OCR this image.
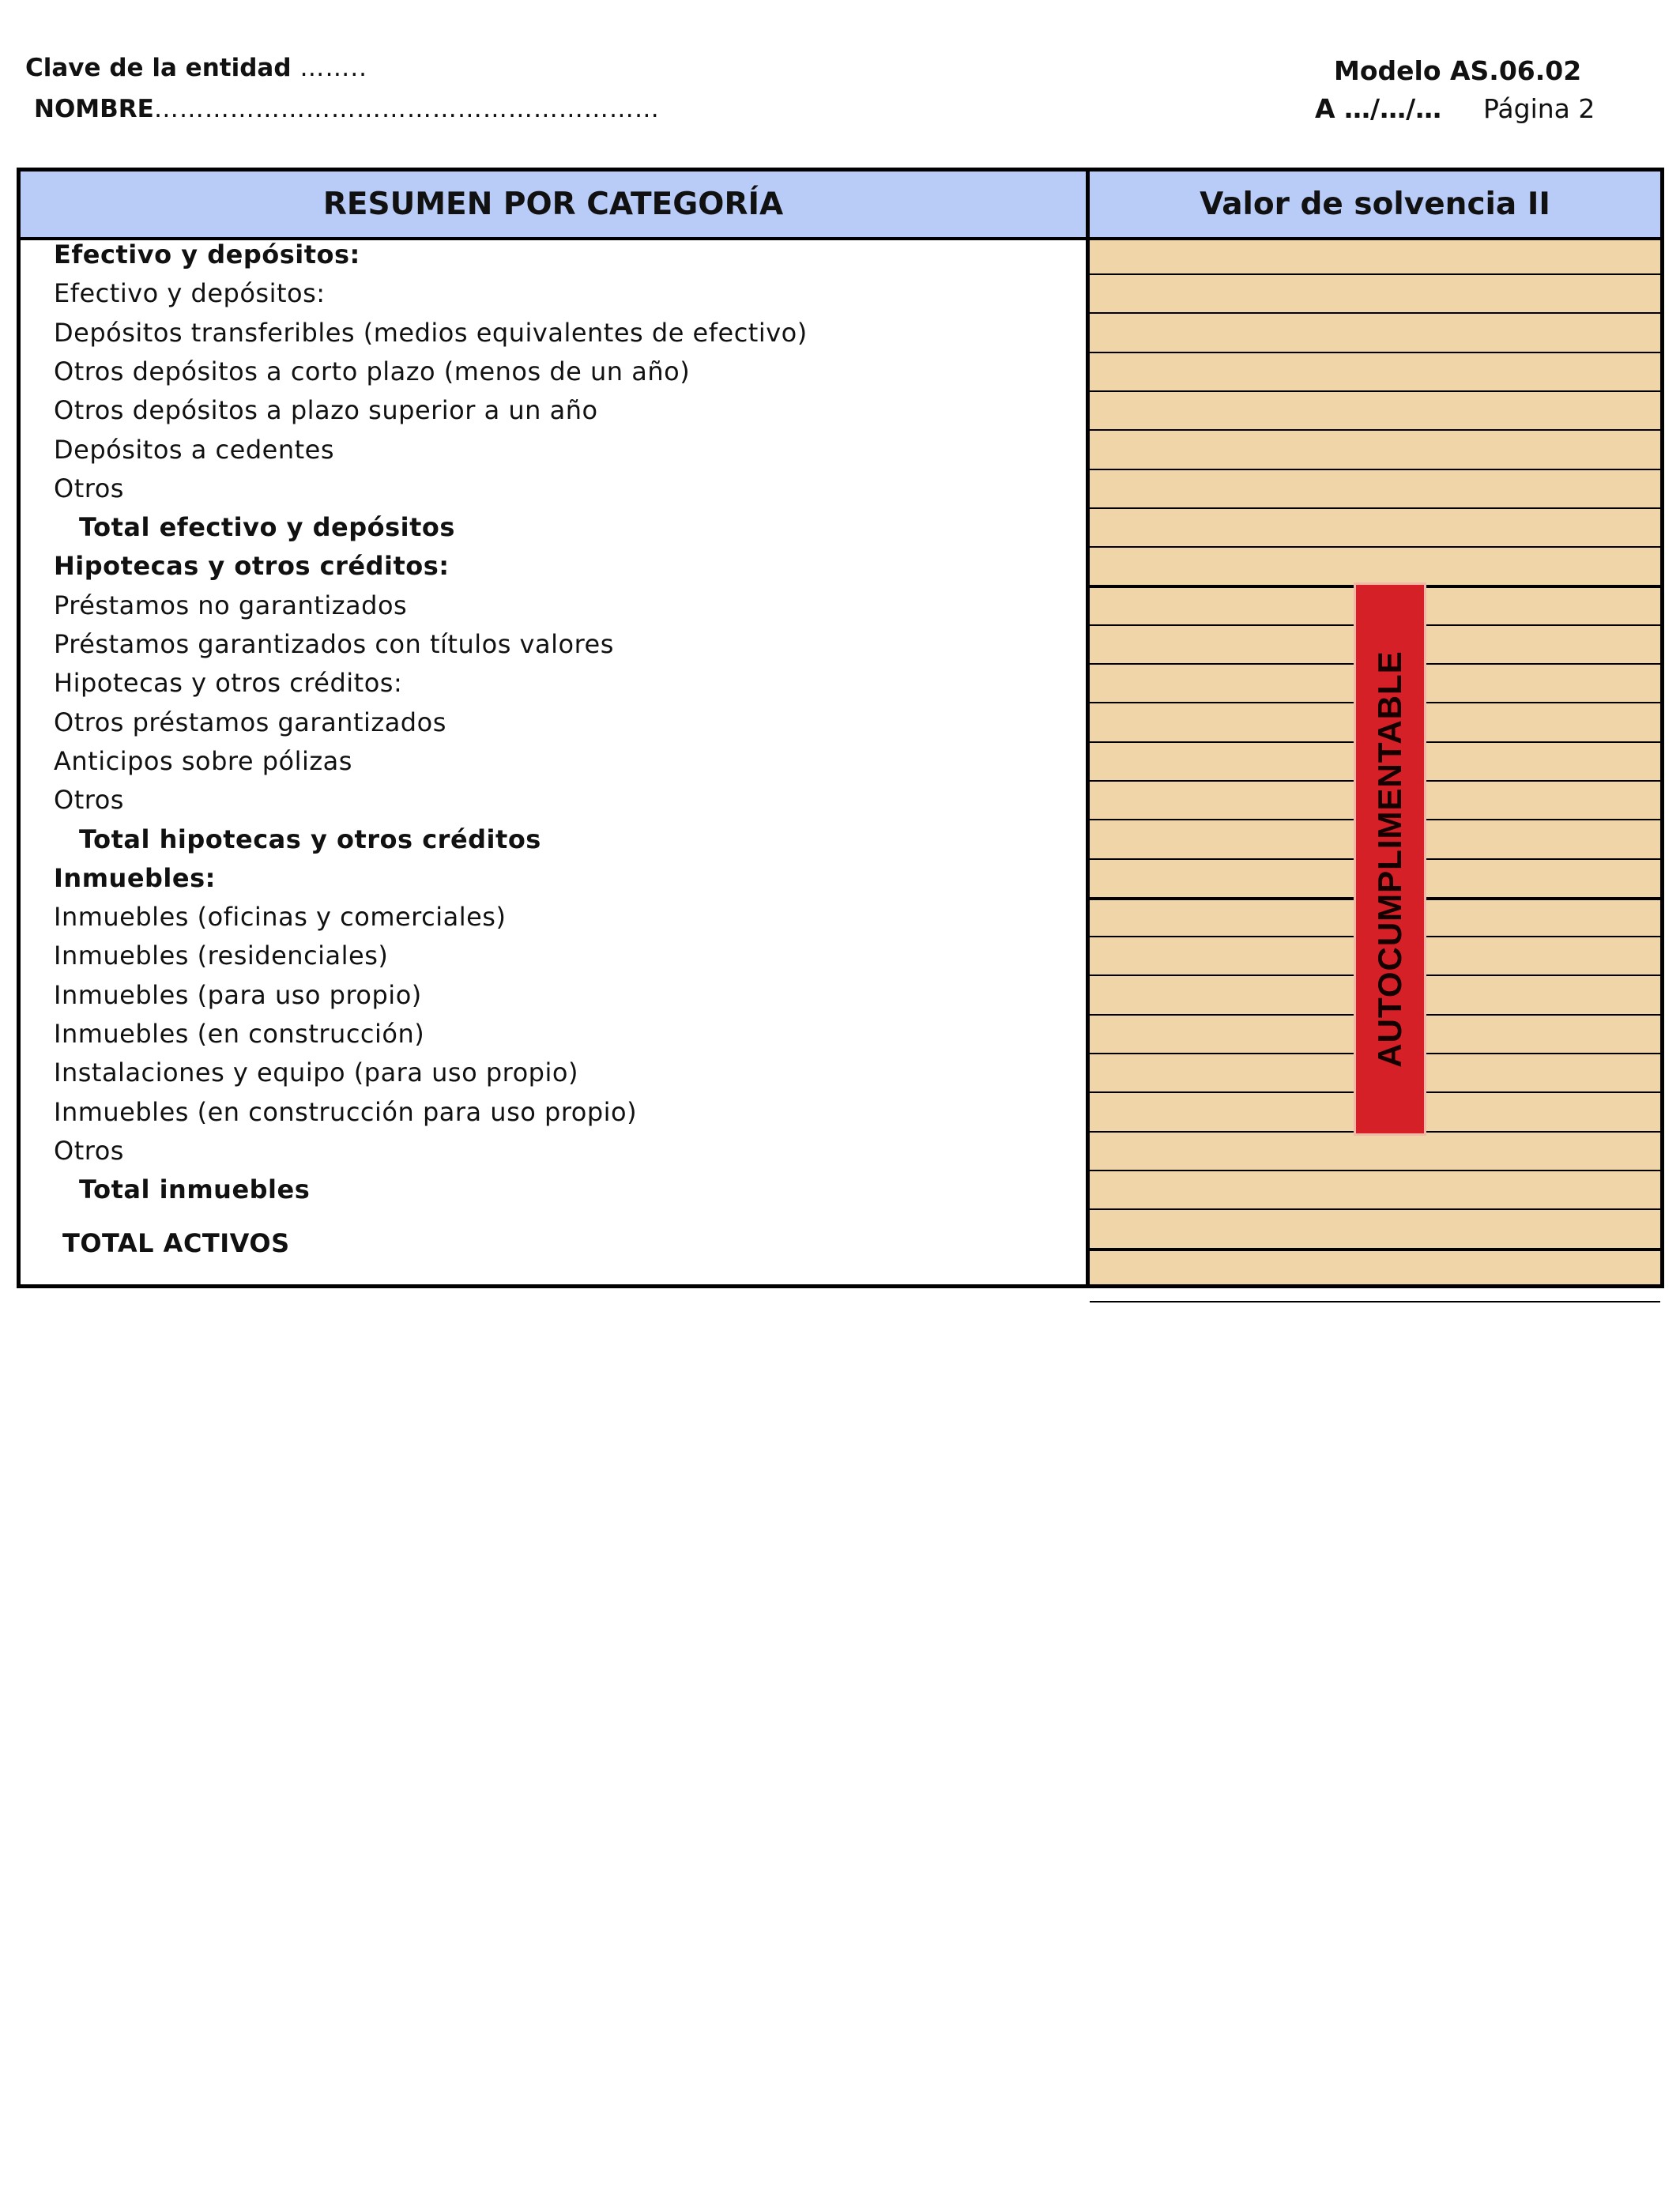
Clave de la entidad ……..
NOMBRE……………………………………………………
Modelo AS.06.02
A …/…/… Página 2
RESUMEN POR CATEGORÍA	Valor de solvencia II
Efectivo y depósitos:
Efectivo y depósitos:
Depósitos transferibles (medios equivalentes de efectivo)
Otros depósitos a corto plazo (menos de un año)
Otros depósitos a plazo superior a un año
Depósitos a cedentes
Otros
Total efectivo y depósitos
Hipotecas y otros créditos:
Préstamos no garantizados
Préstamos garantizados con títulos valores
Hipotecas y otros créditos:
Otros préstamos garantizados
Anticipos sobre pólizas
Otros
Total hipotecas y otros créditos
Inmuebles:
Inmuebles (oficinas y comerciales)
Inmuebles (residenciales)
Inmuebles (para uso propio)
Inmuebles (en construcción)
Instalaciones y equipo (para uso propio)
Inmuebles (en construcción para uso propio)
Otros
Total inmuebles
TOTAL ACTIVOS
AUTOCUMPLIMENTABLE
